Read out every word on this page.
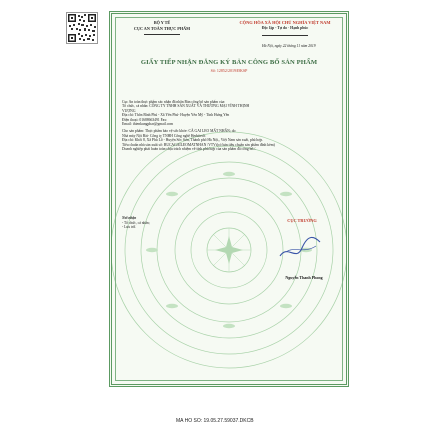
BỘ Y TẾ
CỤC AN TOÀN THỰC PHẨM
CỘNG HÒA XÃ HỘI CHỦ NGHĨA VIỆT NAM
Độc lập - Tự do - Hạnh phúc
Hà Nội, ngày 22 tháng 11 năm 2019
GIẤY TIẾP NHẬN ĐĂNG KÝ BẢN CÔNG BỐ SẢN PHẨM
Số: 12852/2019/ĐKSP
Cục An toàn thực phẩm xác nhận đã nhận Bản công bố sản phẩm của:
Tổ chức, cá nhân: CÔNG TY TNHH SẢN XUẤT VÀ THƯƠNG MẠI VĨNH THỊNH
VƯỢNG
Địa chỉ: Thôn Bình Phú - Xã Yên Phú- Huyện Yên Mỹ - Tỉnh Hưng Yên
Điện thoại: 01688663491 Fax:
Email: thienkungphar@gmail.com
Cho sản phẩm: Thực phẩm bảo vệ sức khỏe: CÀ GAI LEO MẤT NHÂN; do
Nhà máy Nội Bài- Công ty TNHH Công nghệ Herbitech
Địa chỉ: Khối 8, Xã Phù Lỗ - Huyện Sóc Sơn, Thành phố Hà Nội,, Việt Nam sản xuất, phù hợp.
Tiêu chuẩn nhà sản xuất số: BUCAGAILEOMATNHAN /VTVt(có bản tiêu chuẩn sản phẩm đính kèm)
Doanh nghiệp phải hoàn toàn chịu trách nhiệm về tính phù hợp của sản phẩm đã công bố./.
Nơi nhận
- Tổ chức, cá nhân;
- Lưu trữ.
CỤC TRƯỞNG
Nguyễn Thanh Phong
MA HO SO: 19.05.27.59037.DKCB
